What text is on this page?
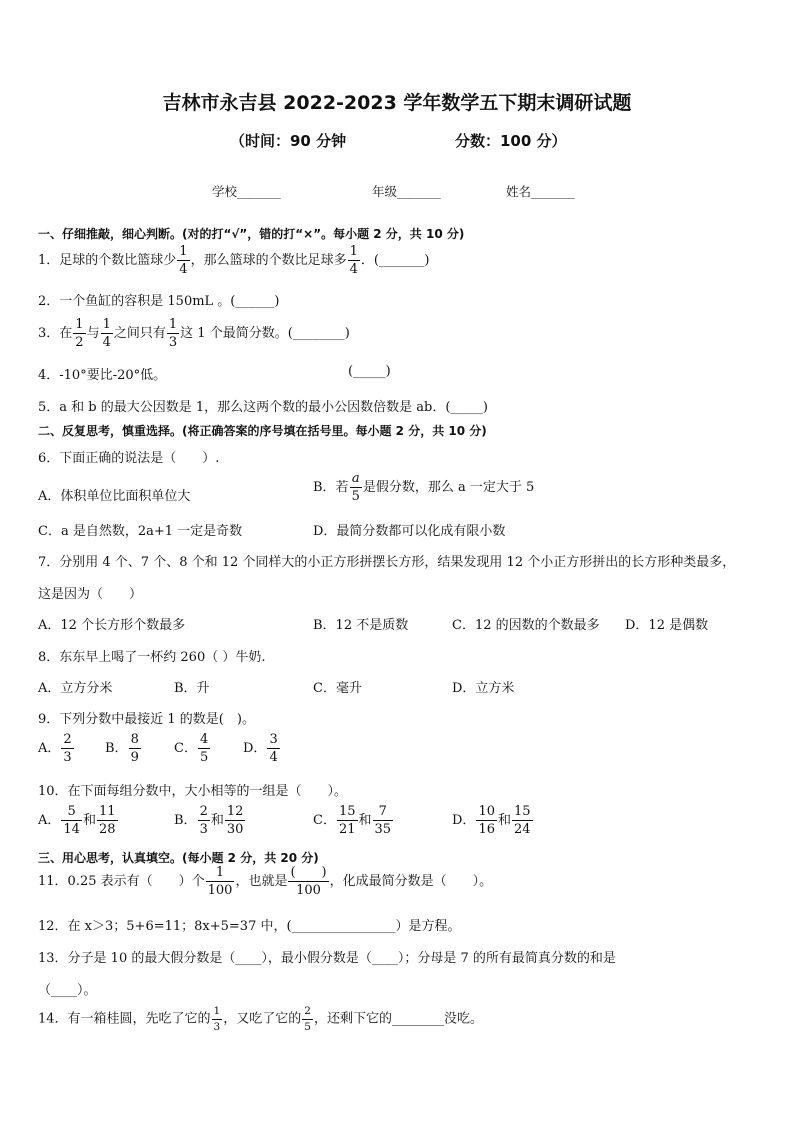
吉林市永吉县 2022-2023 学年数学五下期末调研试题
（时间：90 分钟	分数：100 分）
学校_______	年级_______	姓名_______
一、仔细推敲，细心判断。(对的打“√”，错的打“×”。每小题 2 分，共 10 分)
1．足球的个数比篮球少 $\frac{1}{4}$ ，那么篮球的个数比足球多 $\frac{1}{4}$ ．(_______)
2．一个鱼缸的容积是 150mL 。(______)
3．在 $\frac{1}{2}$ 与 $\frac{1}{4}$ 之间只有 $\frac{1}{3}$ 这 1 个最简分数。(________)
4．-10°要比-20°低。	(_____)
5．a 和 b 的最大公因数是 1，那么这两个数的最小公因数倍数是 ab．(_____)
二、反复思考，慎重选择。(将正确答案的序号填在括号里。每小题 2 分，共 10 分)
6．下面正确的说法是（　　）.
A．体积单位比面积单位大
B．若 $\frac{a}{5}$ 是假分数，那么 a 一定大于 5
C．a 是自然数，2a+1 一定是奇数	D．最简分数都可以化成有限小数
7．分别用 4 个、7 个、8 个和 12 个同样大的小正方形拼摆长方形，结果发现用 12 个小正方形拼出的长方形种类最多，
这是因为（　　）
A．12 个长方形个数最多	B．12 不是质数	C．12 的因数的个数最多 D．12 是偶数
8．东东早上喝了一杯约 260（ ）牛奶.
A．立方分米	B．升	C．毫升	D．立方米
9．下列分数中最接近 1 的数是(　)。
A． $\frac{2}{3}$ B． $\frac{8}{9}$	C． $\frac{4}{5}$	D． $\frac{3}{4}$
10．在下面每组分数中，大小相等的一组是（　　）。
A． $\frac{5}{14}$ 和 $\frac{11}{28}$	B． $\frac{2}{3}$ 和 $\frac{12}{30}$	C． $\frac{15}{21}$ 和 $\frac{7}{35}$	D． $\frac{10}{16}$ 和 $\frac{15}{24}$
三、用心思考，认真填空。(每小题 2 分，共 20 分)
11．0.25 表示有（　　）个 $\frac{1}{100}$ ，也就是 $\frac{( )}{100}$ ，化成最简分数是（　　）。
12．在 x＞3；5+6=11；8x+5=37 中，(________________）是方程。
13．分子是 10 的最大假分数是（____），最小假分数是（____）；分母是 7 的所有最简真分数的和是
（____）。
14．有一箱桂圆，先吃了它的 $\frac{1}{3}$ ，又吃了它的 $\frac{2}{5}$ ，还剩下它的________没吃。
